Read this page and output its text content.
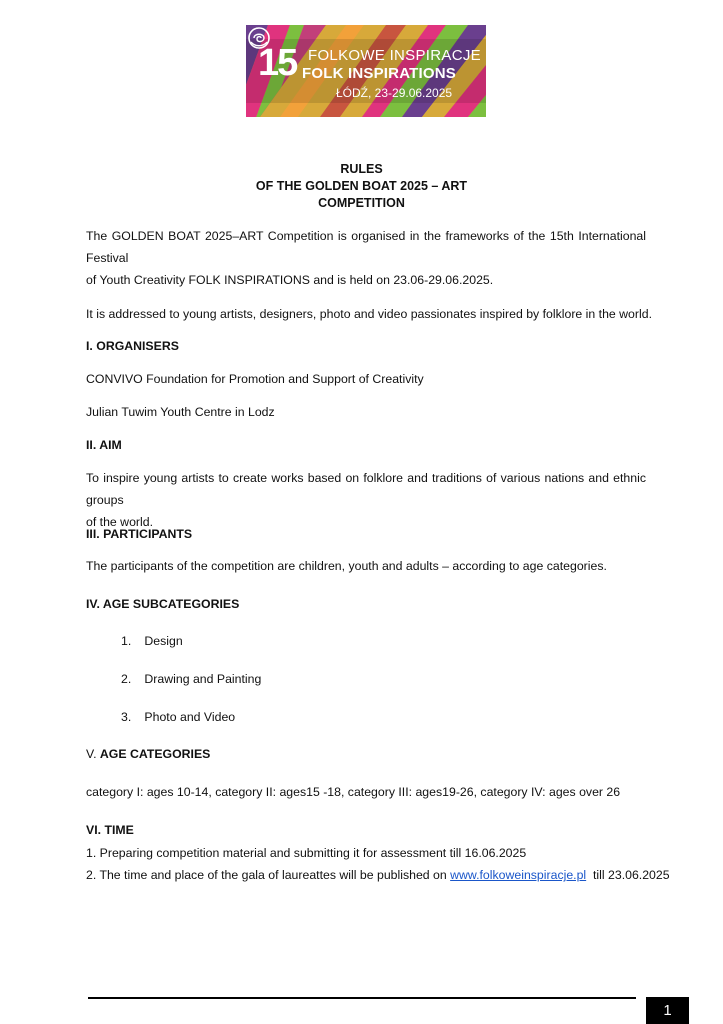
15 FOLKOWE INSPIRACJE
FOLK INSPIRATIONS
ŁÓDŹ, 23-29.06.2025
RULES
OF THE GOLDEN BOAT 2025 – ART
COMPETITION
The GOLDEN BOAT 2025–ART Competition is organised in the frameworks of the 15th International Festival
of Youth Creativity FOLK INSPIRATIONS and is held on 23.06-29.06.2025.
It is addressed to young artists, designers, photo and video passionates inspired by folklore in the world.
I. ORGANISERS
CONVIVO Foundation for Promotion and Support of Creativity
Julian Tuwim Youth Centre in Lodz
II. AIM
To inspire young artists to create works based on folklore and traditions of various nations and ethnic groups
of the world.
III. PARTICIPANTS
The participants of the competition are children, youth and adults – according to age categories.
IV. AGE SUBCATEGORIES
1. Design
2. Drawing and Painting
3. Photo and Video
V. AGE CATEGORIES
category I: ages 10-14, category II: ages15 -18, category III: ages19-26, category IV: ages over 26
VI. TIME
1. Preparing competition material and submitting it for assessment till 16.06.2025
2. The time and place of the gala of laureattes will be published on www.folkoweinspiracje.pl  till 23.06.2025
1
